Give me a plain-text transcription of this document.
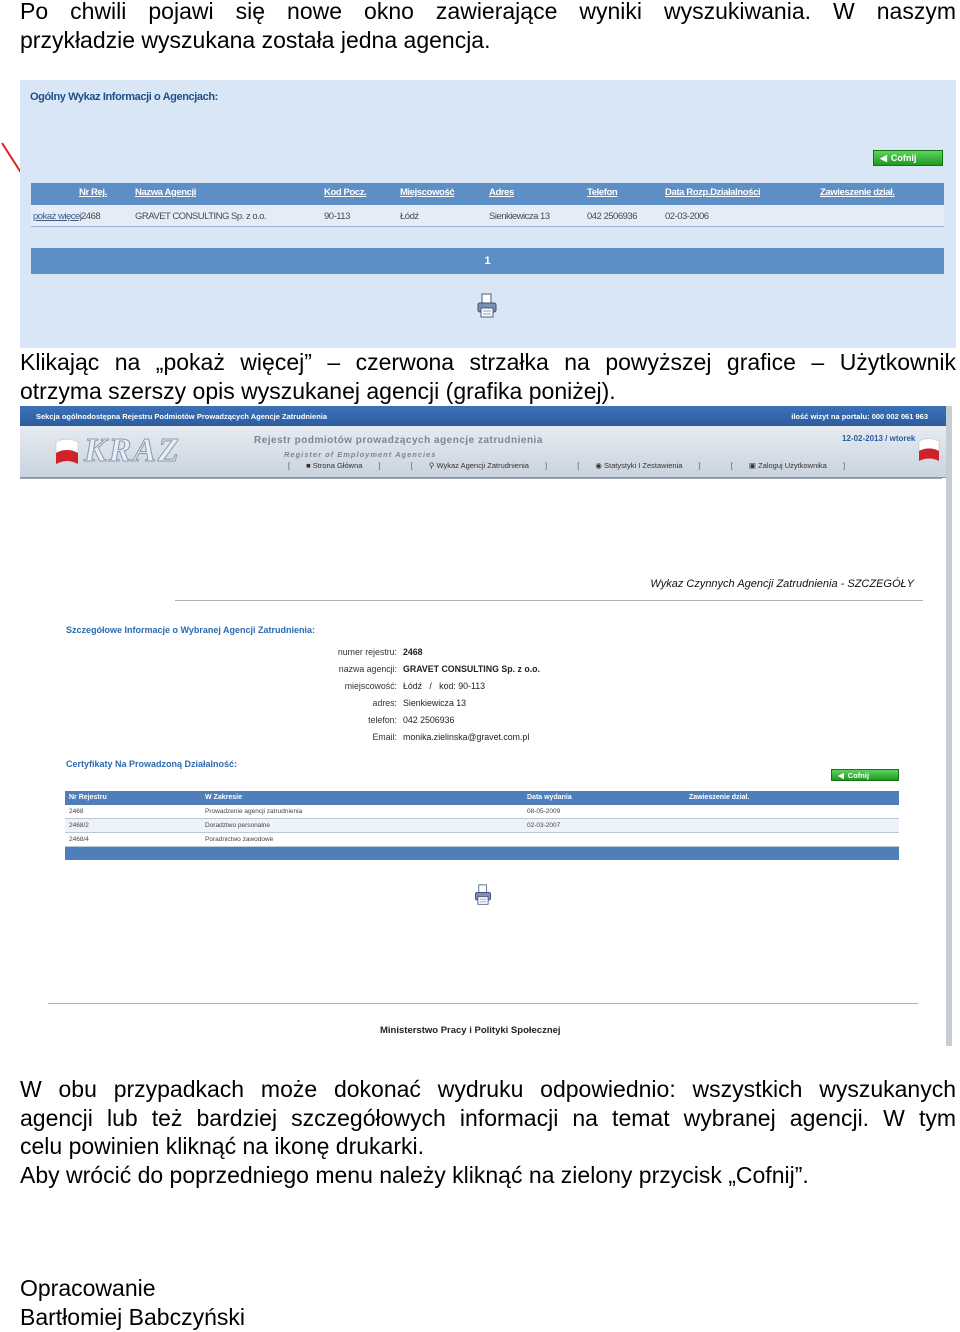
Po chwili pojawi się nowe okno zawierające wyniki wyszukiwania. W naszym
przykładzie wyszukana została jedna agencja.
Ogólny Wykaz Informacji o Agencjach:
◀ Cofnij
Nr Rej.	Nazwa Agencji	Kod Pocz.	Miejscowość	Adres	Telefon	Data Rozp.Działalności	Zawieszenie dział.
pokaż więcej 2468	GRAVET CONSULTING Sp. z o.o.	90-113	Łódź	Sienkiewicza 13	042 2506936	02-03-2006
1
Klikając na „pokaż więcej” – czerwona strzałka na powyższej grafice – Użytkownik
otrzyma szerszy opis wyszukanej agencji (grafika poniżej).
Sekcja ogólnodostępna Rejestru Podmiotów Prowadzących Agencje Zatrudnienia	ilość wizyt na portalu: 000 002 061 963
KRAZ	Rejestr podmiotów prowadzących agencje zatrudnienia
Register of Employment Agencies
12-02-2013 / wtorek
[ ■ Strona Główna ]	[ ⚲ Wykaz Agencji Zatrudnienia ]	[ ◉ Statystyki I Zestawienia ]	[ ▣ Zaloguj Użytkownika ]
Wykaz Czynnych Agencji Zatrudnienia - SZCZEGÓŁY
Szczegółowe Informacje o Wybranej Agencji Zatrudnienia:
numer rejestru: 2468
nazwa agencji: GRAVET CONSULTING Sp. z o.o.
miejscowość: Łódź   /   kod: 90-113
adres: Sienkiewicza 13
telefon: 042 2506936
Email: monika.zielinska@gravet.com.pl
Certyfikaty Na Prowadzoną Działalność:
◀ Cofnij
Nr Rejestru	W Zakresie	Data wydania	Zawieszenie dział.
2468	Prowadzenie agencji zatrudnienia	08-05-2009
2468/2	Doradztwo personalne	02-03-2007
2468/4	Poradnictwo zawodowe
Ministerstwo Pracy i Polityki Społecznej
W obu przypadkach może dokonać wydruku odpowiednio: wszystkich wyszukanych
agencji lub też bardziej szczegółowych informacji na temat wybranej agencji. W tym
celu powinien kliknąć na ikonę drukarki.
Aby wrócić do poprzedniego menu należy kliknąć na zielony przycisk „Cofnij”.
Opracowanie
Bartłomiej Babczyński
